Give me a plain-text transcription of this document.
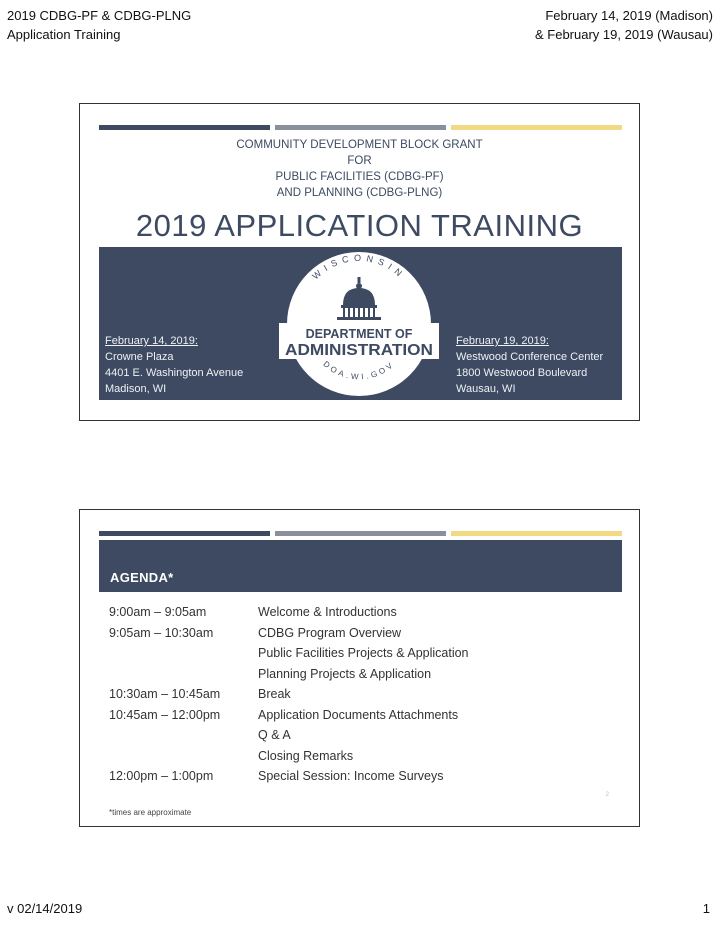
2019 CDBG-PF & CDBG-PLNG
Application Training
February 14, 2019 (Madison)
& February 19, 2019 (Wausau)
COMMUNITY DEVELOPMENT BLOCK GRANT
FOR
PUBLIC FACILITIES (CDBG-PF)
AND PLANNING (CDBG-PLNG)
2019 APPLICATION TRAINING
February 14, 2019:
Crowne Plaza
4401 E. Washington Avenue
Madison, WI
WISCONSIN
DEPARTMENT OF
ADMINISTRATION
DOA.WI.GOV
February 19, 2019:
Westwood Conference Center
1800 Westwood Boulevard
Wausau, WI
AGENDA*
9:00am – 9:05am	Welcome & Introductions
9:05am – 10:30am	CDBG Program Overview
Public Facilities Projects & Application
Planning Projects & Application
10:30am – 10:45am	Break
10:45am – 12:00pm	Application Documents Attachments
Q & A
Closing Remarks
12:00pm – 1:00pm	Special Session: Income Surveys
2
*times are approximate
v 02/14/2019	1
